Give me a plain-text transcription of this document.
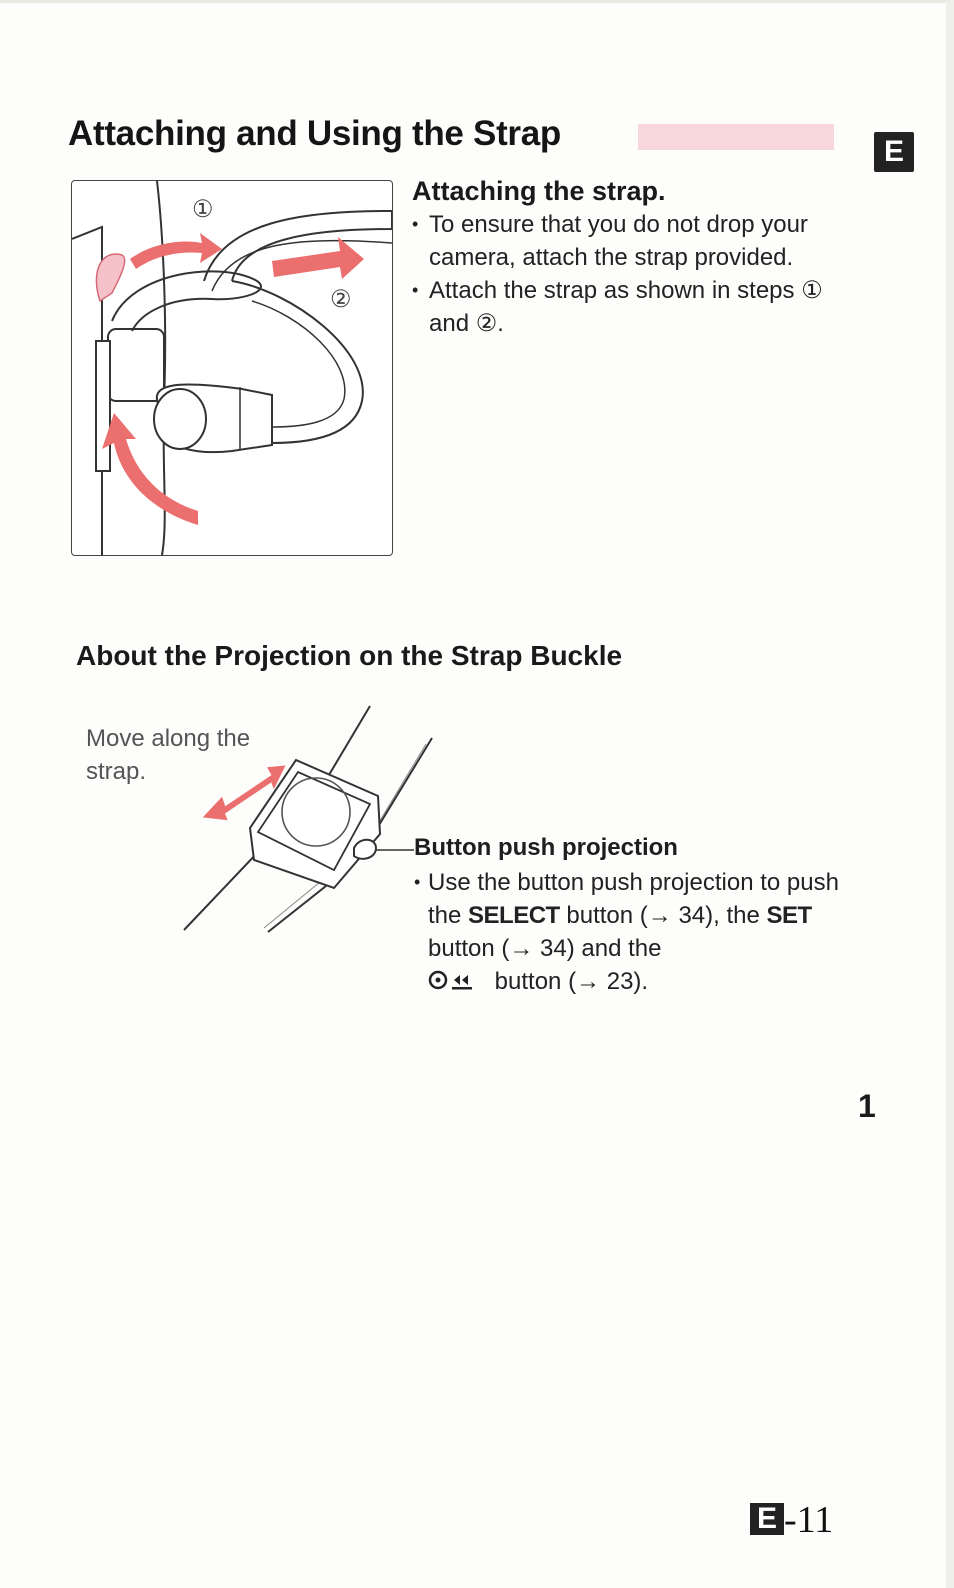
Attaching and Using the Strap	E
①
②
Attaching the strap.
• To ensure that you do not drop your camera, attach the strap provided.
• Attach the strap as shown in steps ① and ②.
About the Projection on the Strap Buckle
Move along the strap.
Button push projection
• Use the button push projection to push the SELECT button (→ 34), the SET button (→ 34) and the
button (→ 23).
1
E -11
